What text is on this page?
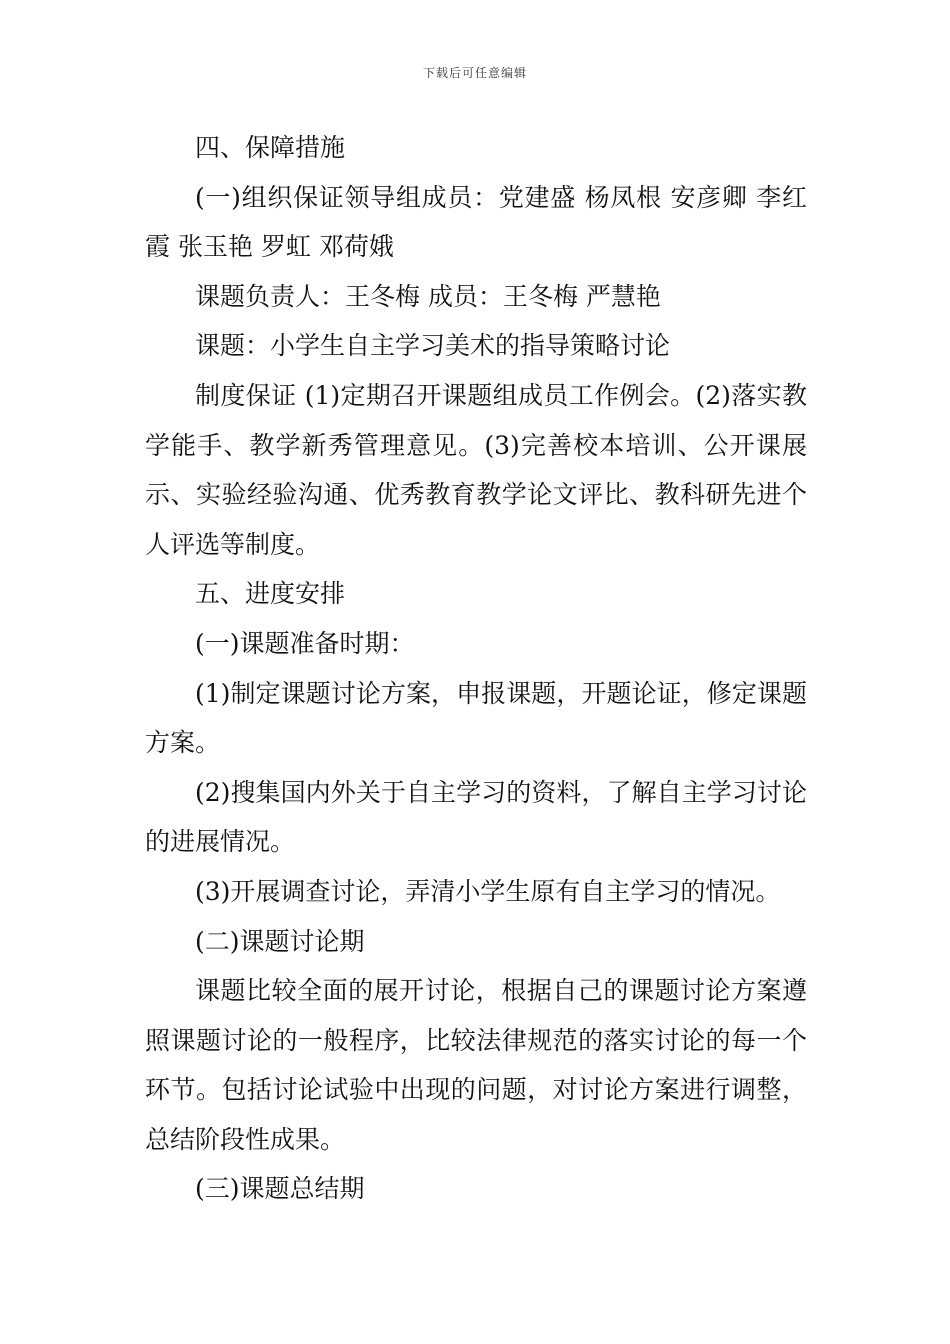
下载后可任意编辑

四、保障措施

(一)组织保证领导组成员：党建盛 杨凤根 安彦卿 李红霞 张玉艳 罗虹 邓荷娥

课题负责人：王冬梅 成员：王冬梅 严慧艳

课题：小学生自主学习美术的指导策略讨论

制度保证 (1)定期召开课题组成员工作例会。(2)落实教学能手、教学新秀管理意见。(3)完善校本培训、公开课展示、实验经验沟通、优秀教育教学论文评比、教科研先进个人评选等制度。

五、进度安排

(一)课题准备时期：

(1)制定课题讨论方案，申报课题，开题论证，修定课题方案。

(2)搜集国内外关于自主学习的资料，了解自主学习讨论的进展情况。

(3)开展调查讨论，弄清小学生原有自主学习的情况。

(二)课题讨论期

课题比较全面的展开讨论，根据自己的课题讨论方案遵照课题讨论的一般程序，比较法律规范的落实讨论的每一个环节。包括讨论试验中出现的问题，对讨论方案进行调整，总结阶段性成果。

(三)课题总结期
